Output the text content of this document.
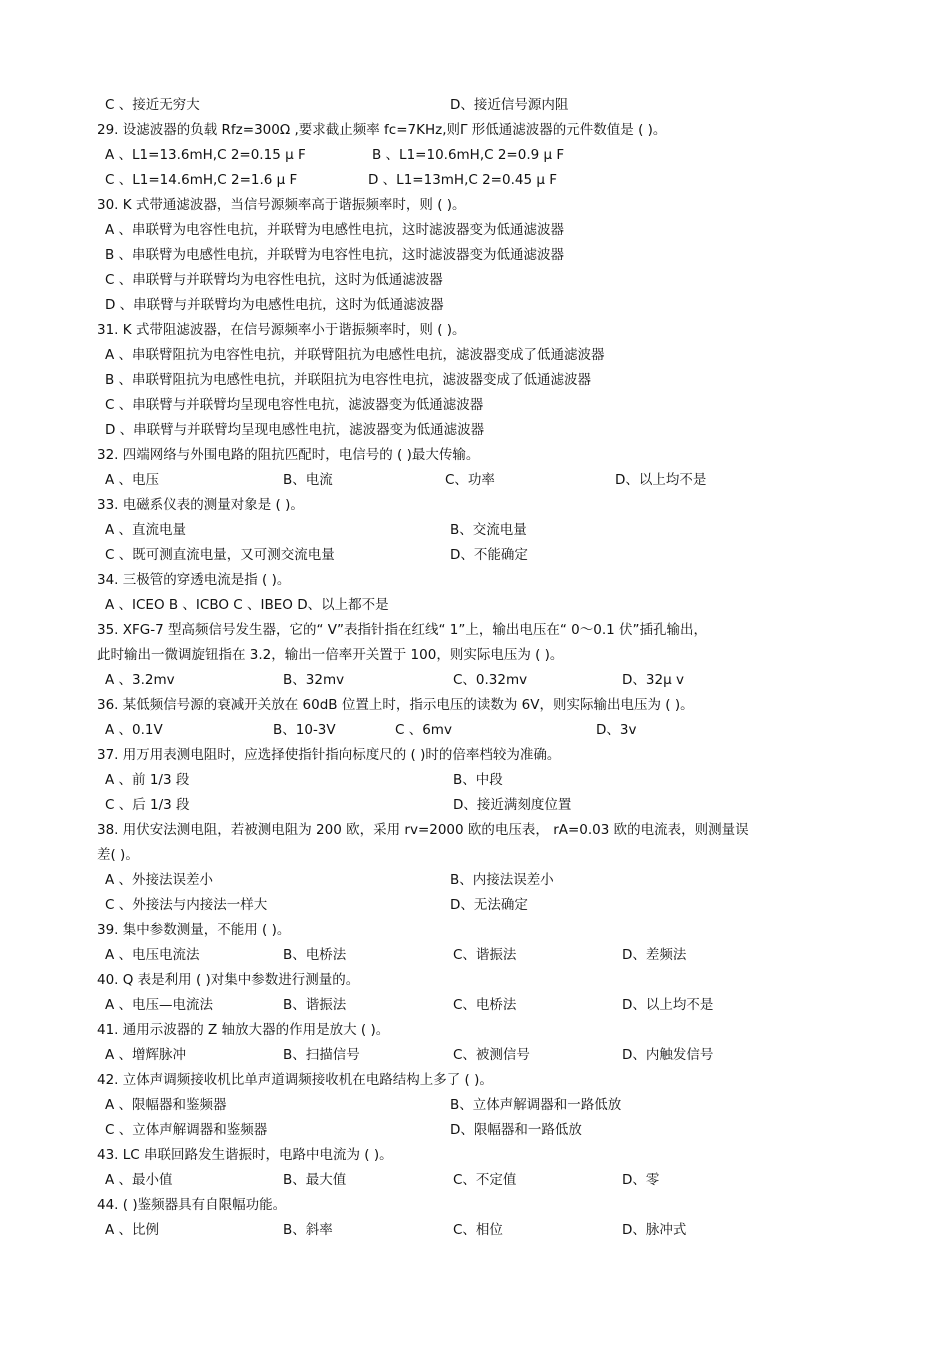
C 、接近无穷大	D、接近信号源内阻
29. 设滤波器的负载 Rfz=300Ω ,要求截止频率 fc=7KHz,则Γ 形低通滤波器的元件数值是 ( )。
A 、L1=13.6mH,C 2=0.15 μ F	B 、L1=10.6mH,C 2=0.9 μ F
C 、L1=14.6mH,C 2=1.6 μ F	D 、L1=13mH,C 2=0.45 μ F
30. K 式带通滤波器，当信号源频率高于谐振频率时，则 ( )。
A 、串联臂为电容性电抗，并联臂为电感性电抗，这时滤波器变为低通滤波器
B 、串联臂为电感性电抗，并联臂为电容性电抗，这时滤波器变为低通滤波器
C 、串联臂与并联臂均为电容性电抗，这时为低通滤波器
D 、串联臂与并联臂均为电感性电抗，这时为低通滤波器
31. K 式带阻滤波器，在信号源频率小于谐振频率时，则 ( )。
A 、串联臂阻抗为电容性电抗，并联臂阻抗为电感性电抗，滤波器变成了低通滤波器
B 、串联臂阻抗为电感性电抗，并联阻抗为电容性电抗，滤波器变成了低通滤波器
C 、串联臂与并联臂均呈现电容性电抗，滤波器变为低通滤波器
D 、串联臂与并联臂均呈现电感性电抗，滤波器变为低通滤波器
32. 四端网络与外围电路的阻抗匹配时，电信号的 ( )最大传输。
A 、电压	B、电流	C、功率	D、以上均不是
33. 电磁系仪表的测量对象是 ( )。
A 、直流电量	B、交流电量
C 、既可测直流电量，又可测交流电量	D、不能确定
34. 三极管的穿透电流是指 ( )。
A 、ICEO B 、ICBO C 、IBEO D、以上都不是
35. XFG-7 型高频信号发生器，它的“ V”表指针指在红线“ 1”上，输出电压在“ 0～0.1 伏”插孔输出，
此时输出一微调旋钮指在 3.2，输出一倍率开关置于 100，则实际电压为 ( )。
A 、3.2mv	B、32mv	C、0.32mv	D、32μ v
36. 某低频信号源的衰减开关放在 60dB 位置上时，指示电压的读数为 6V，则实际输出电压为 ( )。
A 、0.1V	B、10-3V	C 、6mv	D、3v
37. 用万用表测电阻时，应选择使指针指向标度尺的 ( )时的倍率档较为准确。
A 、前 1/3 段	B、中段
C 、后 1/3 段	D、接近满刻度位置
38. 用伏安法测电阻，若被测电阻为 200 欧，采用 rv=2000 欧的电压表， rA=0.03 欧的电流表，则测量误
差( )。
A 、外接法误差小	B、内接法误差小
C 、外接法与内接法一样大	D、无法确定
39. 集中参数测量，不能用 ( )。
A 、电压电流法	B、电桥法	C、谐振法	D、差频法
40. Q 表是利用 ( )对集中参数进行测量的。
A 、电压—电流法	B、谐振法	C、电桥法	D、以上均不是
41. 通用示波器的 Z 轴放大器的作用是放大 ( )。
A 、增辉脉冲	B、扫描信号	C、被测信号	D、内触发信号
42. 立体声调频接收机比单声道调频接收机在电路结构上多了 ( )。
A 、限幅器和鉴频器	B、立体声解调器和一路低放
C 、立体声解调器和鉴频器	D、限幅器和一路低放
43. LC 串联回路发生谐振时，电路中电流为 ( )。
A 、最小值	B、最大值	C、不定值	D、零
44. ( )鉴频器具有自限幅功能。
A 、比例	B、斜率	C、相位	D、脉冲式
